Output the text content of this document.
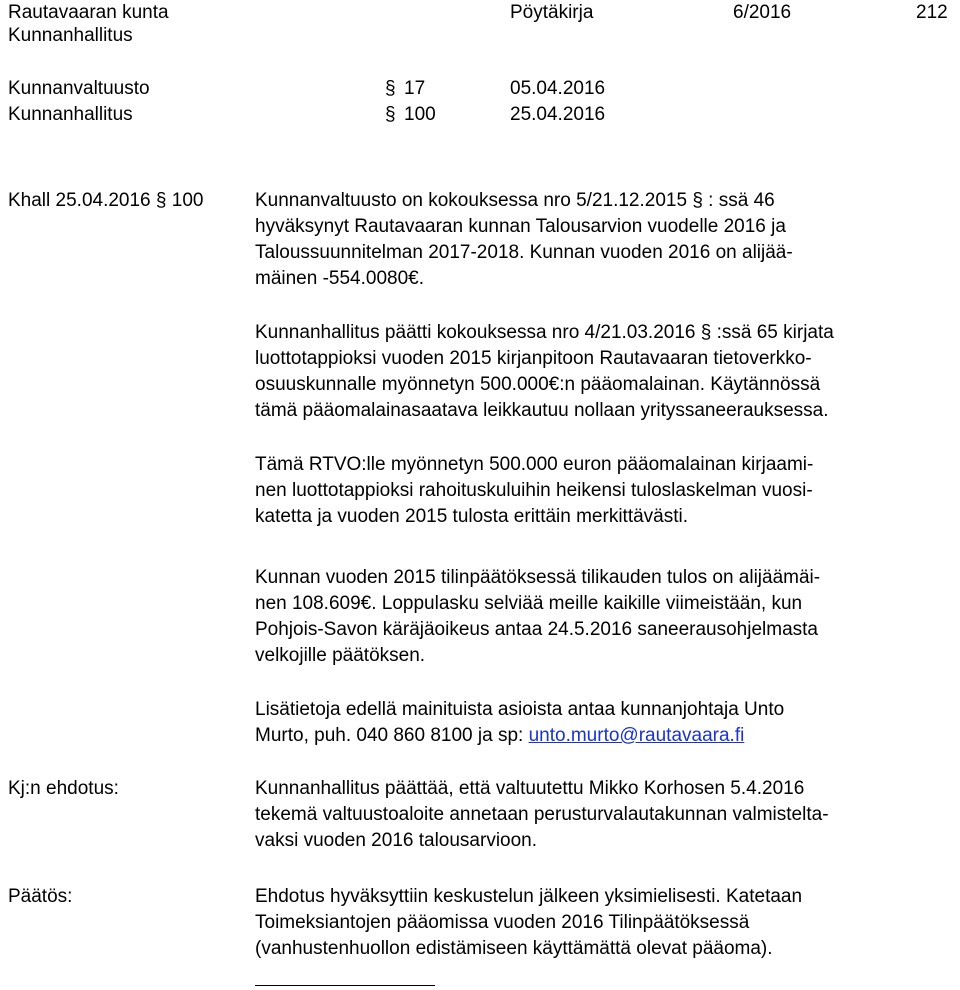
Rautavaaran kunta
Kunnanhallitus
Pöytäkirja	6/2016	212
Kunnanvaltuusto	§ 17	05.04.2016
Kunnanhallitus	§ 100	25.04.2016
Khall 25.04.2016 § 100	Kunnanvaltuusto on kokouksessa nro 5/21.12.2015 § : ssä 46
hyväksynyt Rautavaaran kunnan Talousarvion vuodelle 2016 ja
Taloussuunnitelman 2017-2018. Kunnan vuoden 2016 on alijää-
mäinen -554.0080€.
Kunnanhallitus päätti kokouksessa nro 4/21.03.2016 § :ssä 65 kirjata
luottotappioksi vuoden 2015 kirjanpitoon Rautavaaran tietoverkko-
osuuskunnalle myönnetyn 500.000€:n pääomalainan. Käytännössä
tämä pääomalainasaatava leikkautuu nollaan yrityssaneerauksessa.
Tämä RTVO:lle myönnetyn 500.000 euron pääomalainan kirjaami-
nen luottotappioksi rahoituskuluihin heikensi tuloslaskelman vuosi-
katetta ja vuoden 2015 tulosta erittäin merkittävästi.
Kunnan vuoden 2015 tilinpäätöksessä tilikauden tulos on alijäämäi-
nen 108.609€. Loppulasku selviää meille kaikille viimeistään, kun
Pohjois-Savon käräjäoikeus antaa 24.5.2016 saneerausohjelmasta
velkojille päätöksen.
Lisätietoja edellä mainituista asioista antaa kunnanjohtaja Unto
Murto, puh. 040 860 8100 ja sp: unto.murto@rautavaara.fi
Kj:n ehdotus:	Kunnanhallitus päättää, että valtuutettu Mikko Korhosen 5.4.2016
tekemä valtuustoaloite annetaan perusturvalautakunnan valmistelta-
vaksi vuoden 2016 talousarvioon.
Päätös:	Ehdotus hyväksyttiin keskustelun jälkeen yksimielisesti. Katetaan
Toimeksiantojen pääomissa vuoden 2016 Tilinpäätöksessä
(vanhustenhuollon edistämiseen käyttämättä olevat pääoma).
